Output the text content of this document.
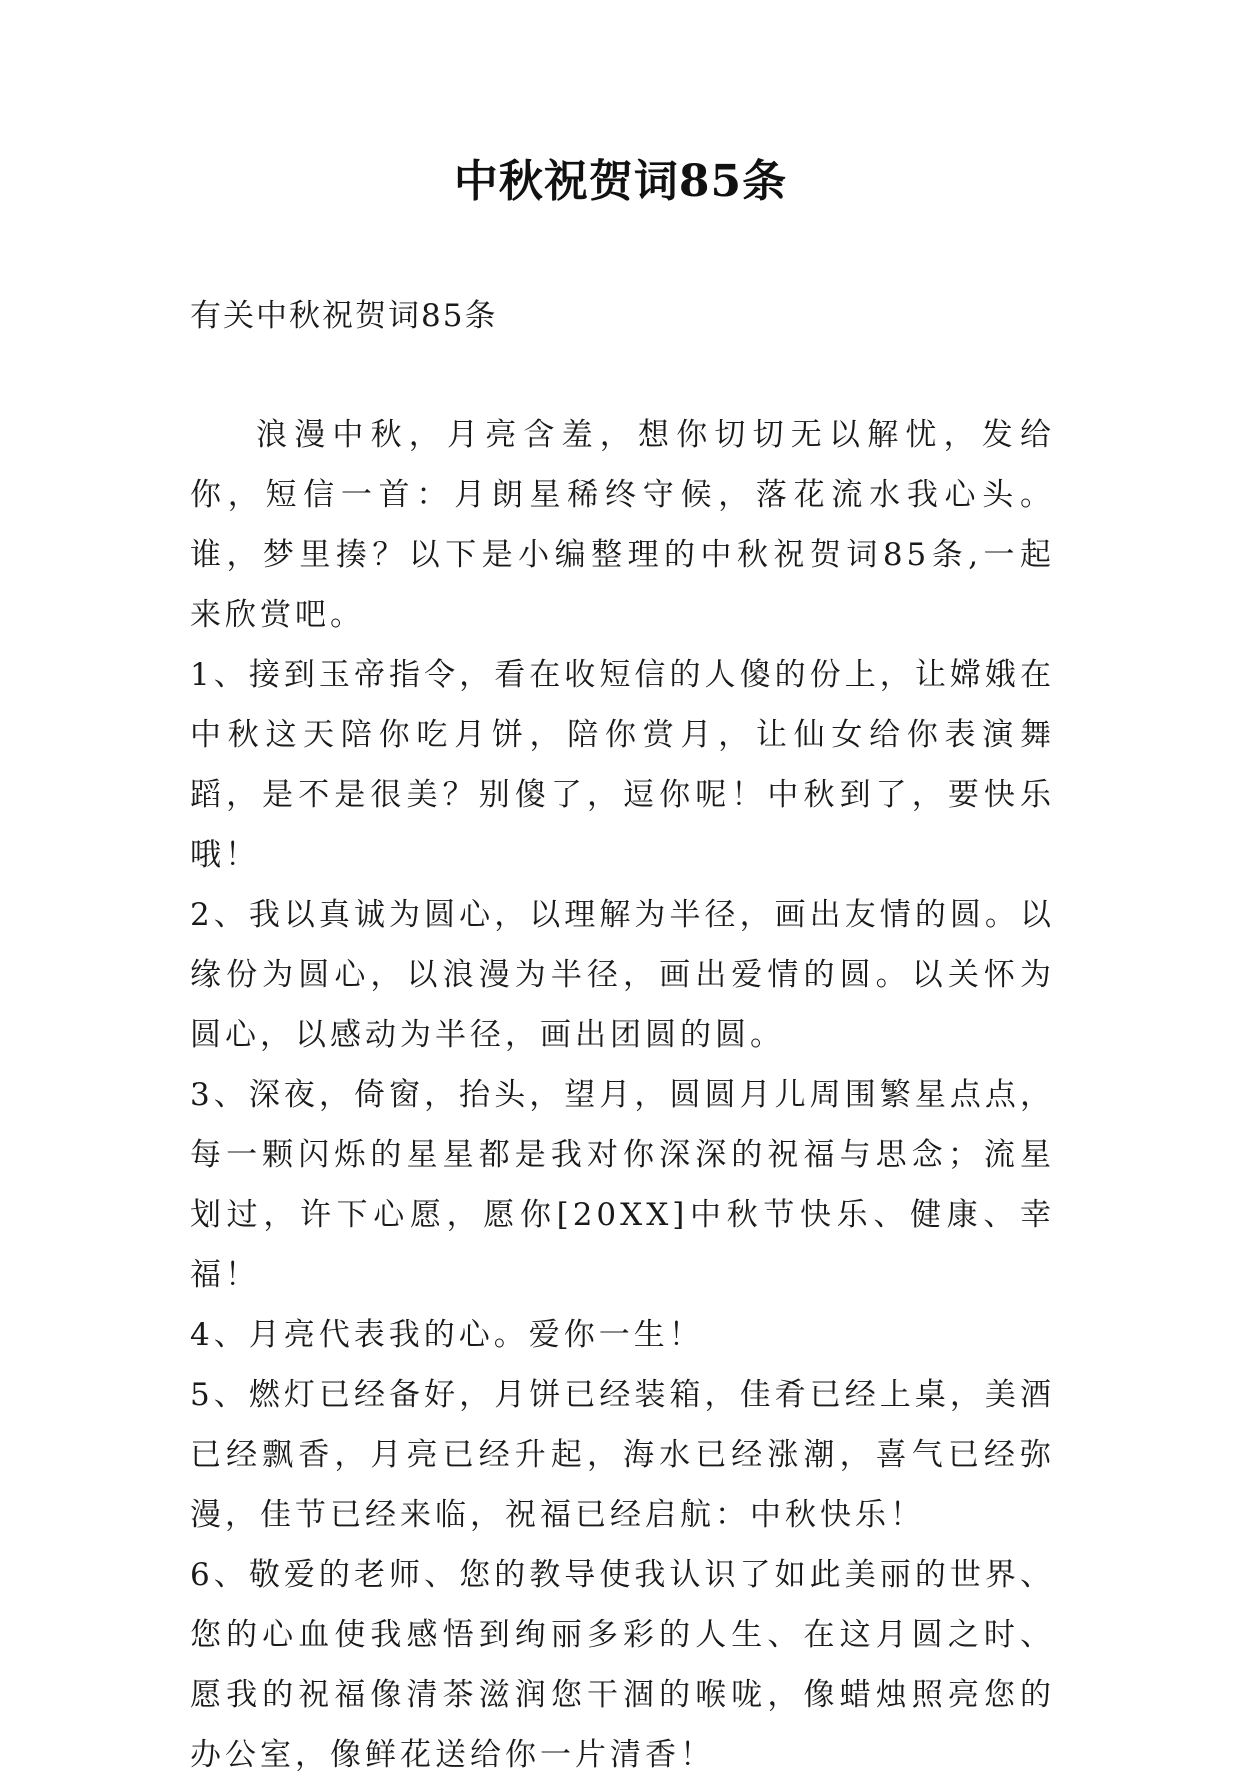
中秋祝贺词85条
有关中秋祝贺词85条

浪漫中秋，月亮含羞，想你切切无以解忧，发给你，短信一首：月朗星稀终守候，落花流水我心头。谁，梦里揍？以下是小编整理的中秋祝贺词85条,一起来欣赏吧。

1、接到玉帝指令，看在收短信的人傻的份上，让嫦娥在中秋这天陪你吃月饼，陪你赏月，让仙女给你表演舞蹈，是不是很美？别傻了，逗你呢！中秋到了，要快乐哦！

2、我以真诚为圆心，以理解为半径，画出友情的圆。以缘份为圆心，以浪漫为半径，画出爱情的圆。以关怀为圆心，以感动为半径，画出团圆的圆。

3、深夜，倚窗，抬头，望月，圆圆月儿周围繁星点点，每一颗闪烁的星星都是我对你深深的祝福与思念；流星划过，许下心愿，愿你[20XX]中秋节快乐、健康、幸福！

4、月亮代表我的心。爱你一生！

5、燃灯已经备好，月饼已经装箱，佳肴已经上桌，美酒已经飘香，月亮已经升起，海水已经涨潮，喜气已经弥漫，佳节已经来临，祝福已经启航：中秋快乐！

6、敬爱的老师、您的教导使我认识了如此美丽的世界、您的心血使我感悟到绚丽多彩的人生、在这月圆之时、愿我的祝福像清茶滋润您干涸的喉咙，像蜡烛照亮您的办公室，像鲜花送给你一片清香！
